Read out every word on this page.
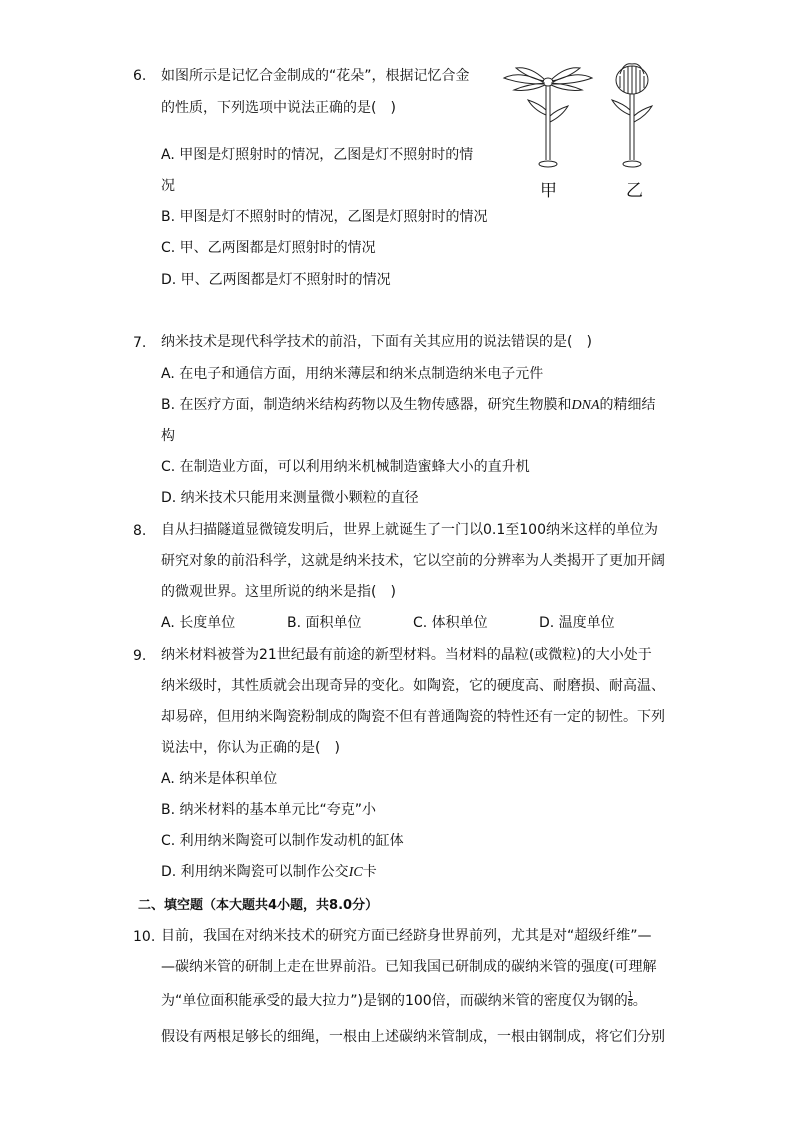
6. 如图所示是记忆合金制成的“花朵”，根据记忆合金
的性质，下列选项中说法正确的是(　)
A. 甲图是灯照射时的情况，乙图是灯不照射时的情
况
B. 甲图是灯不照射时的情况，乙图是灯照射时的情况
C. 甲、乙两图都是灯照射时的情况
D. 甲、乙两图都是灯不照射时的情况
甲	乙
7. 纳米技术是现代科学技术的前沿，下面有关其应用的说法错误的是(　)
A. 在电子和通信方面，用纳米薄层和纳米点制造纳米电子元件
B. 在医疗方面，制造纳米结构药物以及生物传感器，研究生物膜和DNA的精细结
构
C. 在制造业方面，可以利用纳米机械制造蜜蜂大小的直升机
D. 纳米技术只能用来测量微小颗粒的直径
8. 自从扫描隧道显微镜发明后，世界上就诞生了一门以0.1至100纳米这样的单位为
研究对象的前沿科学，这就是纳米技术，它以空前的分辨率为人类揭开了更加开阔
的微观世界。这里所说的纳米是指(　)
A. 长度单位	B. 面积单位	C. 体积单位	D. 温度单位
9. 纳米材料被誉为21世纪最有前途的新型材料。当材料的晶粒(或微粒)的大小处于
纳米级时，其性质就会出现奇异的变化。如陶瓷，它的硬度高、耐磨损、耐高温、
却易碎，但用纳米陶瓷粉制成的陶瓷不但有普通陶瓷的特性还有一定的韧性。下列
说法中，你认为正确的是(　)
A. 纳米是体积单位
B. 纳米材料的基本单元比“夸克”小
C. 利用纳米陶瓷可以制作发动机的缸体
D. 利用纳米陶瓷可以制作公交IC卡
二、填空题（本大题共4小题，共8.0分）
10. 目前，我国在对纳米技术的研究方面已经跻身世界前列，尤其是对“超级纤维”—
—碳纳米管的研制上走在世界前沿。已知我国已研制成的碳纳米管的强度(可理解
为“单位面积能承受的最大拉力”)是钢的100倍，而碳纳米管的密度仅为钢的 $\frac{1}{6}$ 。
假设有两根足够长的细绳，一根由上述碳纳米管制成，一根由钢制成，将它们分别
